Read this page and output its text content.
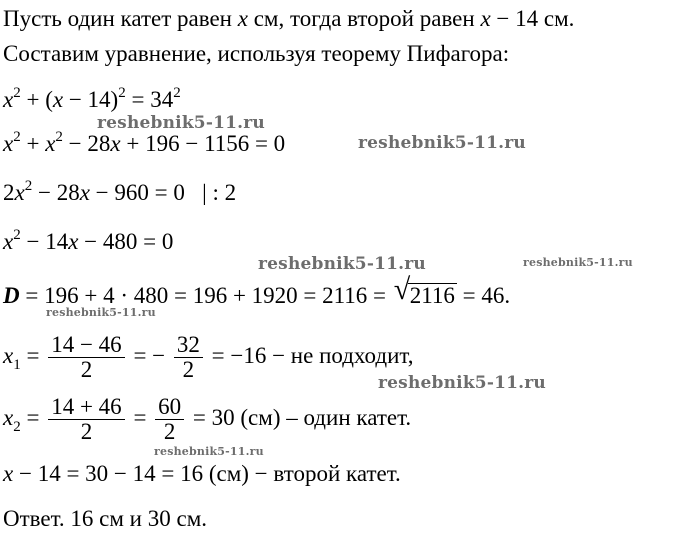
Пусть один катет равен x см, тогда второй равен x − 14 см.
Составим уравнение, используя теорему Пифагора:
$x^2 + (x - 14)^2 = 34^2$
$x^2 + x^2 - 28x + 196 - 1156 = 0$
$2x^2 - 28x - 960 = 0$   | : 2
$x^2 - 14x - 480 = 0$
D = 196 + 4 · 480 = 196 + 1920 = 2116 = √ 2116 = 46.
$x_1 = \frac{14 - 46}{2}$ = − $\frac{32}{2} = -16$ − не подходит,
$x_2 = \frac{14 + 46}{2} = \frac{60}{2} = 30$ (см) – один катет.
x − 14 = 30 − 14 = 16 (см) − второй катет.
Ответ. 16 см и 30 см.
reshebnik5-11.ru
reshebnik5-11.ru
reshebnik5-11.ru	reshebnik5-11.ru
reshebnik5-11.ru
reshebnik5-11.ru
reshebnik5-11.ru
